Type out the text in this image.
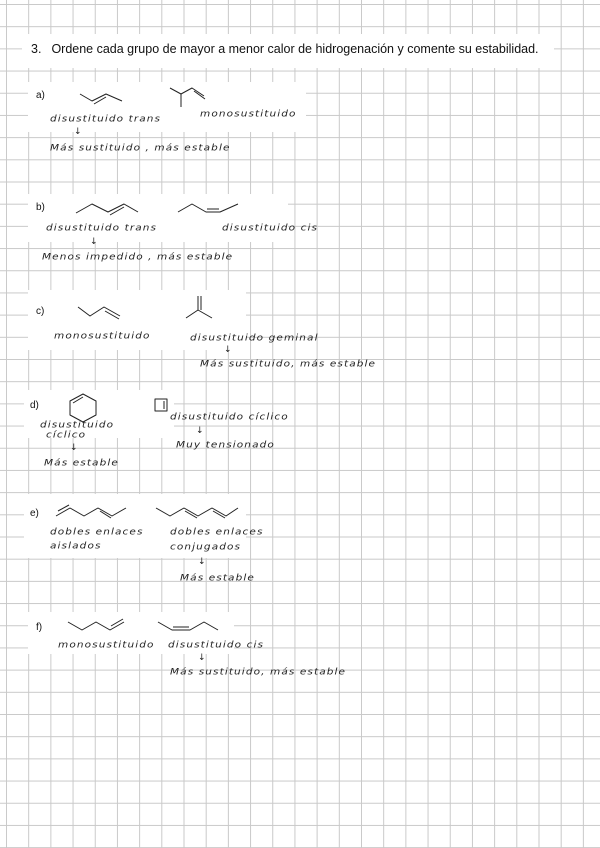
3. Ordene cada grupo de mayor a menor calor de hidrogenación y comente su estabilidad.
a)
disustituido trans
monosustituido
↓
Más sustituido , más estable
b)
disustituido trans	disustituido cis
↓
Menos impedido , más estable
c)
monosustituido	disustituido geminal
↓
Más sustituido, más estable
d)
disustituido
cíclico
↓
Más estable
disustituido cíclico
↓
Muy tensionado
e)
dobles enlaces
aislados
dobles enlaces
conjugados
↓
Más estable
f)
monosustituido disustituido cis
↓
Más sustituido, más estable
